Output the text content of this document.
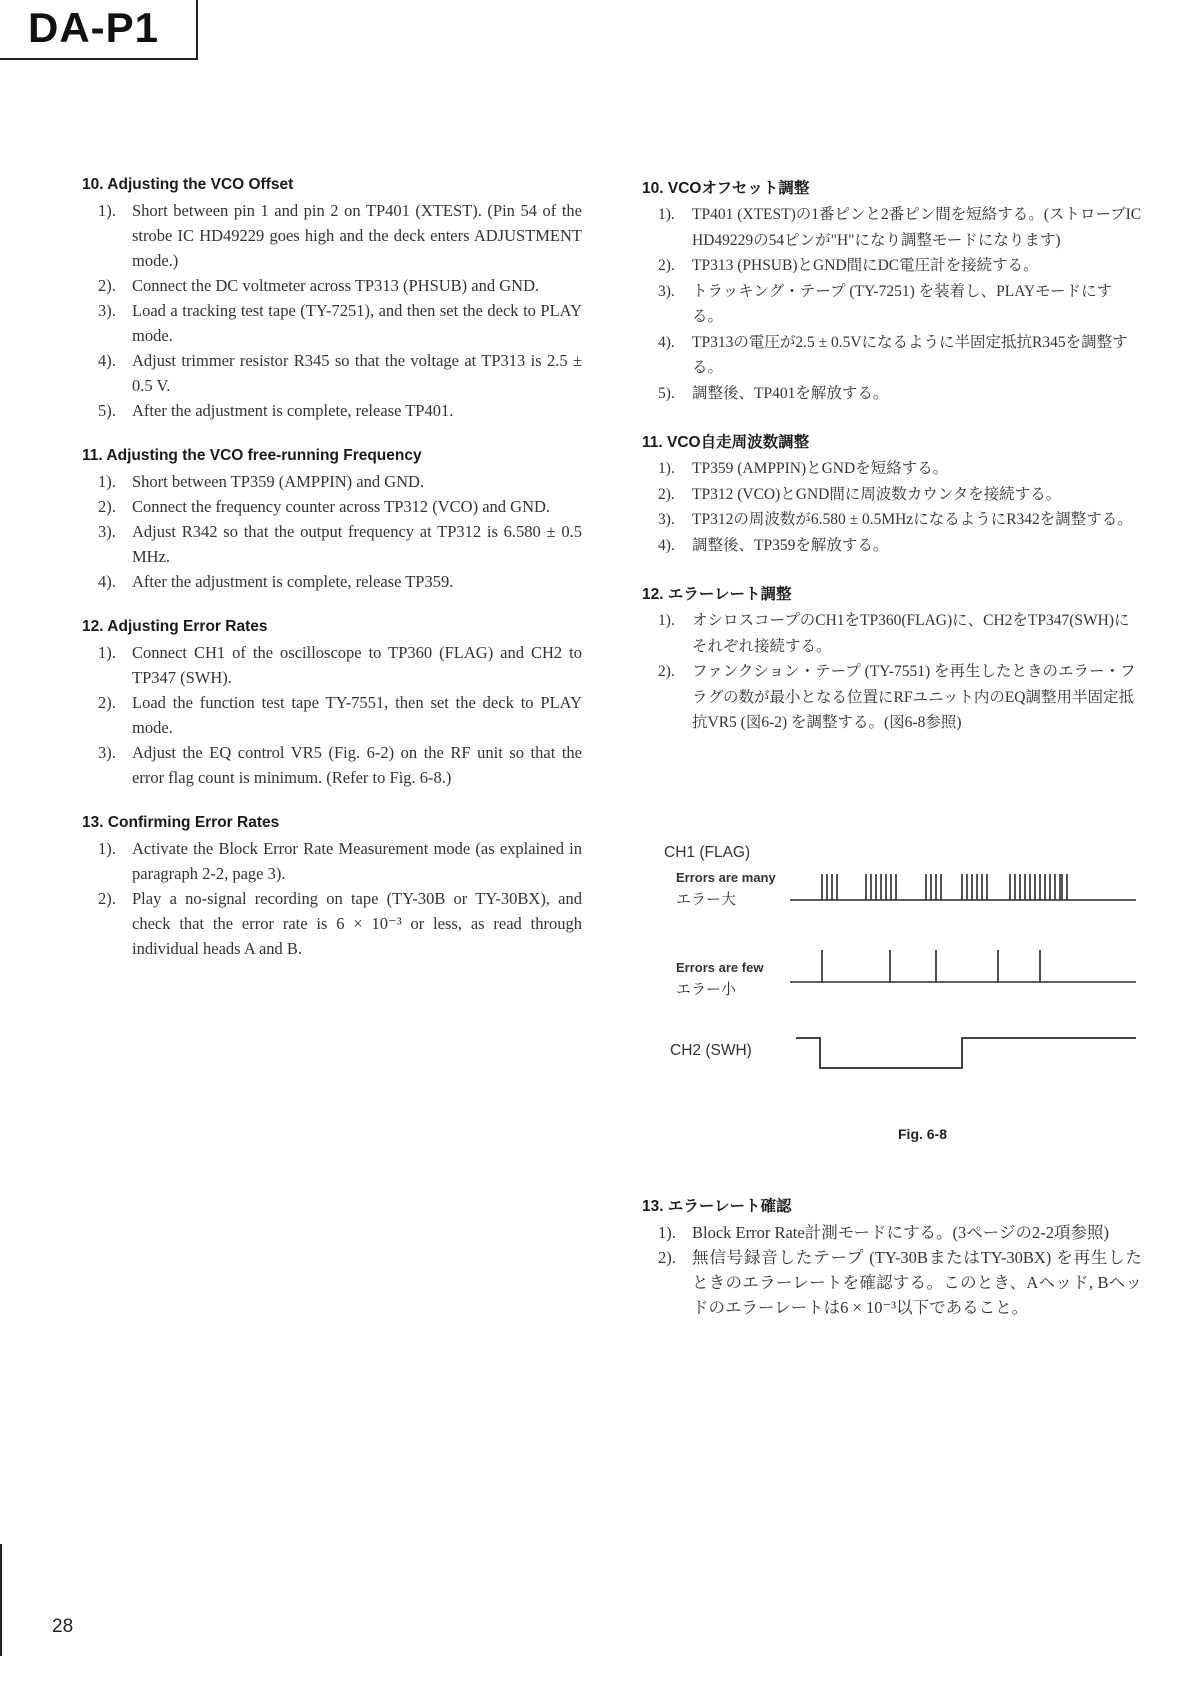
DA-P1
10. Adjusting the VCO Offset
1). Short between pin 1 and pin 2 on TP401 (XTEST). (Pin 54 of the strobe IC HD49229 goes high and the deck enters ADJUSTMENT mode.)
2). Connect the DC voltmeter across TP313 (PHSUB) and GND.
3). Load a tracking test tape (TY-7251), and then set the deck to PLAY mode.
4). Adjust trimmer resistor R345 so that the voltage at TP313 is 2.5 ± 0.5 V.
5). After the adjustment is complete, release TP401.
11. Adjusting the VCO free-running Frequency
1). Short between TP359 (AMPPIN) and GND.
2). Connect the frequency counter across TP312 (VCO) and GND.
3). Adjust R342 so that the output frequency at TP312 is 6.580 ± 0.5 MHz.
4). After the adjustment is complete, release TP359.
12. Adjusting Error Rates
1). Connect CH1 of the oscilloscope to TP360 (FLAG) and CH2 to TP347 (SWH).
2). Load the function test tape TY-7551, then set the deck to PLAY mode.
3). Adjust the EQ control VR5 (Fig. 6-2) on the RF unit so that the error flag count is minimum. (Refer to Fig. 6-8.)
13. Confirming Error Rates
1). Activate the Block Error Rate Measurement mode (as explained in paragraph 2-2, page 3).
2). Play a no-signal recording on tape (TY-30B or TY-30BX), and check that the error rate is 6 × 10⁻³ or less, as read through individual heads A and B.
10. VCOオフセット調整
1). TP401 (XTEST)の1番ピンと2番ピン間を短絡する。(ストローブIC HD49229の54ピンが"H"になり調整モードになります)
2). TP313 (PHSUB)とGND間にDC電圧計を接続する。
3). トラッキング・テープ (TY-7251) を装着し、PLAYモードにする。
4). TP313の電圧が2.5 ± 0.5Vになるように半固定抵抗R345を調整する。
5). 調整後、TP401を解放する。
11. VCO自走周波数調整
1). TP359 (AMPPIN)とGNDを短絡する。
2). TP312 (VCO)とGND間に周波数カウンタを接続する。
3). TP312の周波数が6.580 ± 0.5MHzになるようにR342を調整する。
4). 調整後、TP359を解放する。
12. エラーレート調整
1). オシロスコープのCH1をTP360(FLAG)に、CH2をTP347(SWH)にそれぞれ接続する。
2). ファンクション・テープ (TY-7551) を再生したときのエラー・フラグの数が最小となる位置にRFユニット内のEQ調整用半固定抵抗VR5 (図6-2) を調整する。(図6-8参照)
CH1 (FLAG)
Errors are many
エラー大
Errors are few
エラー小
CH2 (SWH)

Fig. 6-8

13. エラーレート確認
1). Block Error Rate計測モードにする。(3ページの2-2項参照)
2). 無信号録音したテープ (TY-30BまたはTY-30BX) を再生したときのエラーレートを確認する。このとき、Aヘッド, Bヘッドのエラーレートは6 × 10⁻³以下であること。

28
